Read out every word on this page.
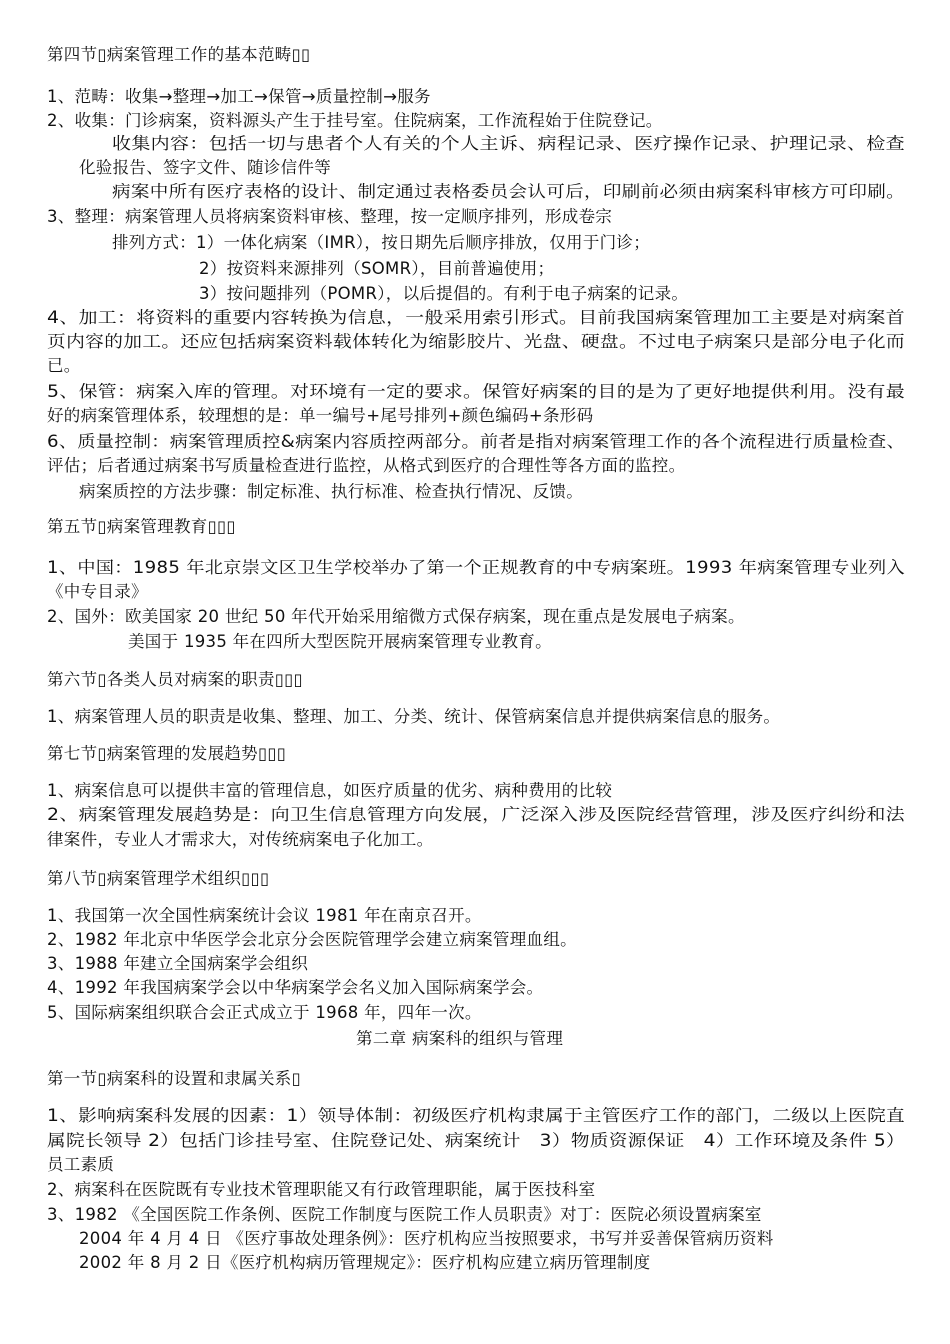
第四节▯病案管理工作的基本范畴▯▯
1、范畴：收集→整理→加工→保管→质量控制→服务
2、收集：门诊病案，资料源头产生于挂号室。住院病案，工作流程始于住院登记。
收集内容：包括一切与患者个人有关的个人主诉、病程记录、医疗操作记录、护理记录、检查
化验报告、签字文件、随诊信件等
病案中所有医疗表格的设计、制定通过表格委员会认可后，印刷前必须由病案科审核方可印刷。
3、整理：病案管理人员将病案资料审核、整理，按一定顺序排列，形成卷宗
排列方式：1）一体化病案（IMR），按日期先后顺序排放，仅用于门诊；
2）按资料来源排列（SOMR），目前普遍使用；
3）按问题排列（POMR），以后提倡的。有利于电子病案的记录。
4、加工：将资料的重要内容转换为信息，一般采用索引形式。目前我国病案管理加工主要是对病案首
页内容的加工。还应包括病案资料载体转化为缩影胶片、光盘、硬盘。不过电子病案只是部分电子化而
已。
5、保管：病案入库的管理。对环境有一定的要求。保管好病案的目的是为了更好地提供利用。没有最
好的病案管理体系，较理想的是：单一编号+尾号排列+颜色编码+条形码
6、质量控制：病案管理质控&病案内容质控两部分。前者是指对病案管理工作的各个流程进行质量检查、
评估；后者通过病案书写质量检查进行监控，从格式到医疗的合理性等各方面的监控。
病案质控的方法步骤：制定标准、执行标准、检查执行情况、反馈。
第五节▯病案管理教育▯▯▯
1、中国：1985 年北京崇文区卫生学校举办了第一个正规教育的中专病案班。1993 年病案管理专业列入
《中专目录》
2、国外：欧美国家 20 世纪 50 年代开始采用缩微方式保存病案，现在重点是发展电子病案。
美国于 1935 年在四所大型医院开展病案管理专业教育。
第六节▯各类人员对病案的职责▯▯▯
1、病案管理人员的职责是收集、整理、加工、分类、统计、保管病案信息并提供病案信息的服务。
第七节▯病案管理的发展趋势▯▯▯
1、病案信息可以提供丰富的管理信息，如医疗质量的优劣、病种费用的比较
2、病案管理发展趋势是：向卫生信息管理方向发展，广泛深入涉及医院经营管理，涉及医疗纠纷和法
律案件，专业人才需求大，对传统病案电子化加工。
第八节▯病案管理学术组织▯▯▯
1、我国第一次全国性病案统计会议 1981 年在南京召开。
2、1982 年北京中华医学会北京分会医院管理学会建立病案管理血组。
3、1988 年建立全国病案学会组织
4、1992 年我国病案学会以中华病案学会名义加入国际病案学会。
5、国际病案组织联合会正式成立于 1968 年，四年一次。
第二章 病案科的组织与管理
第一节▯病案科的设置和隶属关系▯
1、影响病案科发展的因素：1）领导体制：初级医疗机构隶属于主管医疗工作的部门，二级以上医院直
属院长领导 2）包括门诊挂号室、住院登记处、病案统计　3）物质资源保证　4）工作环境及条件 5）
员工素质
2、病案科在医院既有专业技术管理职能又有行政管理职能，属于医技科室
3、1982 《全国医院工作条例、医院工作制度与医院工作人员职责》对丁：医院必须设置病案室
2004 年 4 月 4 日 《医疗事故处理条例》：医疗机构应当按照要求，书写并妥善保管病历资料
2002 年 8 月 2 日《医疗机构病历管理规定》：医疗机构应建立病历管理制度
